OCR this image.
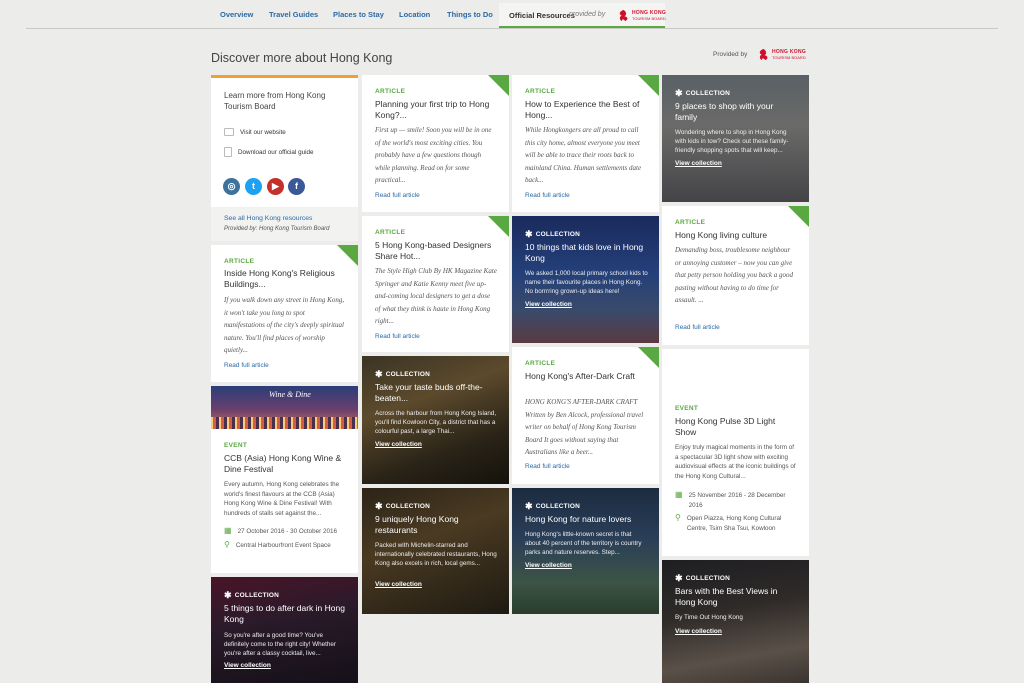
Overview Travel Guides Places to Stay Location Things to Do Official Resources
provided by	HONG KONG
TOURISM BOARD
Discover more about Hong Kong	Provided by	HONG KONG
TOURISM BOARD
Learn more from Hong Kong Tourism Board
Visit our website
Download our official guide
◎	t	▶	f
See all Hong Kong resources
Provided by: Hong Kong Tourism Board
ARTICLE
Inside Hong Kong's Religious Buildings...
If you walk down any street in Hong Kong, it won't take you long to spot manifestations of the city's deeply spiritual nature. You'll find places of worship quietly...
Read full article
Wine & Dine
EVENT
CCB (Asia) Hong Kong Wine & Dine Festival
Every autumn, Hong Kong celebrates the world's finest flavours at the CCB (Asia) Hong Kong Wine & Dine Festival! With hundreds of stalls set against the...
▦ 27 October 2016 - 30 October 2016
⚲ Central Harbourfront Event Space
✱ COLLECTION
5 things to do after dark in Hong Kong
So you're after a good time? You've definitely come to the right city! Whether you're after a classy cocktail, live...
View collection
ARTICLE
Planning your first trip to Hong Kong?...
First up — smile! Soon you will be in one of the world's most exciting cities. You probably have a few questions though while planning. Read on for some practical...
Read full article
ARTICLE
5 Hong Kong-based Designers Share Hot...
The Style High Club By HK Magazine Kate Springer and Katie Kenny meet five up-and-coming local designers to get a dose of what they think is haute in Hong Kong right...
Read full article
✱ COLLECTION
Take your taste buds off-the-beaten...
Across the harbour from Hong Kong Island, you'll find Kowloon City, a district that has a colourful past, a large Thai...
View collection
✱ COLLECTION
9 uniquely Hong Kong restaurants
Packed with Michelin-starred and internationally celebrated restaurants, Hong Kong also excels in rich, local gems...
View collection
ARTICLE
How to Experience the Best of Hong...
While Hongkongers are all proud to call this city home, almost everyone you meet will be able to trace their roots back to mainland China. Human settlements date back...
Read full article
✱ COLLECTION
10 things that kids love in Hong Kong
We asked 1,000 local primary school kids to name their favourite places in Hong Kong. No borrrring grown-up ideas here!
View collection
ARTICLE
Hong Kong's After-Dark Craft
HONG KONG'S AFTER-DARK CRAFT Written by Ben Alcock, professional travel writer on behalf of Hong Kong Tourism Board It goes without saying that Australians like a beer...
Read full article
✱ COLLECTION
Hong Kong for nature lovers
Hong Kong's little-known secret is that about 40 percent of the territory is country parks and nature reserves. Step...
View collection
✱ COLLECTION
9 places to shop with your family
Wondering where to shop in Hong Kong with kids in tow? Check out these family-friendly shopping spots that will keep...
View collection
ARTICLE
Hong Kong living culture
Demanding boss, troublesome neighbour or annoying customer – now you can give that petty person holding you back a good pasting without having to do time for assault. ...
Read full article
EVENT
Hong Kong Pulse 3D Light Show
Enjoy truly magical moments in the form of a spectacular 3D light show with exciting audiovisual effects at the iconic buildings of the Hong Kong Cultural...
▦ 25 November 2016 - 28 December 2016
⚲ Open Piazza, Hong Kong Cultural Centre, Tsim Sha Tsui, Kowloon
✱ COLLECTION
Bars with the Best Views in Hong Kong
By Time Out Hong Kong
View collection
